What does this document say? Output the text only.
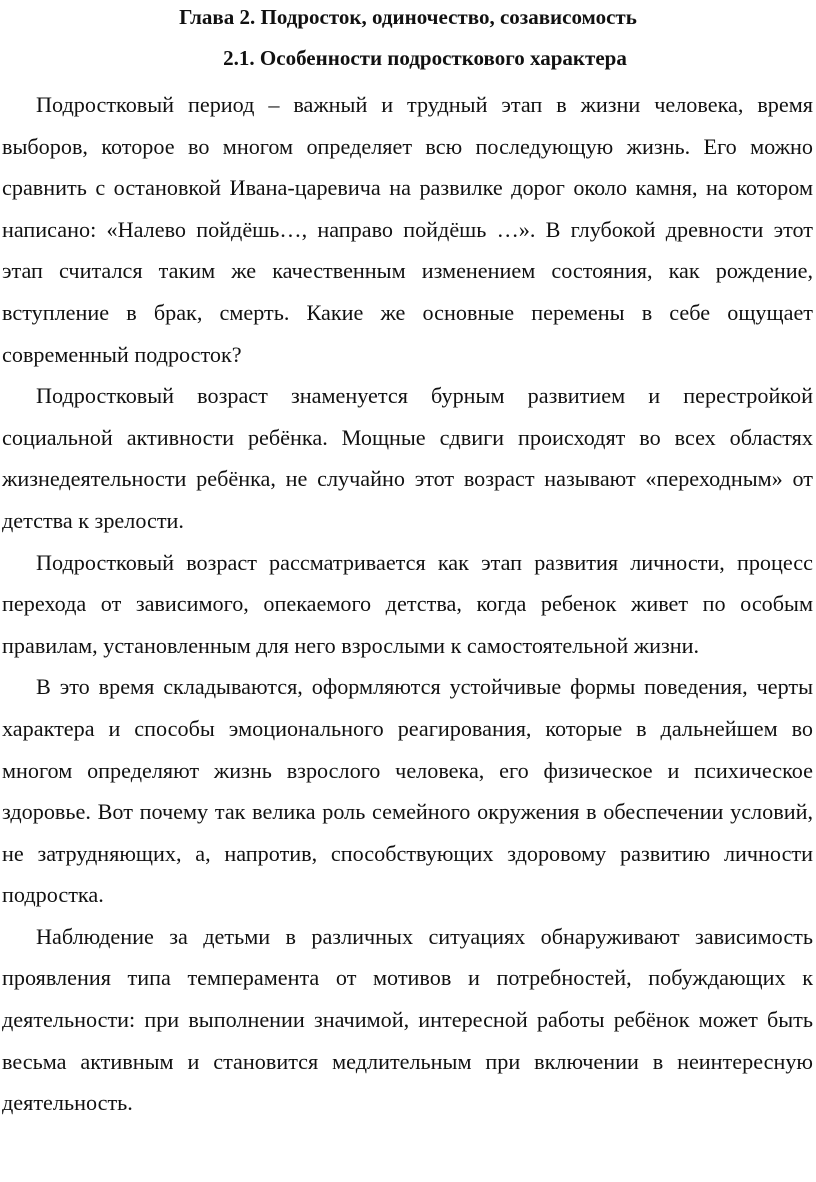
Глава 2. Подросток, одиночество, созависомость
2.1. Особенности подросткового характера

Подростковый период – важный и трудный этап в жизни человека, время выборов, которое во многом определяет всю последующую жизнь. Его можно сравнить с остановкой Ивана-царевича на развилке дорог около камня, на котором написано: «Налево пойдёшь…, направо пойдёшь …». В глубокой древности этот этап считался таким же качественным изменением состояния, как рождение, вступление в брак, смерть. Какие же основные перемены в себе ощущает современный подросток?

Подростковый возраст знаменуется бурным развитием и перестройкой социальной активности ребёнка. Мощные сдвиги происходят во всех областях жизнедеятельности ребёнка, не случайно этот возраст называют «переходным» от детства к зрелости.

Подростковый возраст рассматривается как этап развития личности, процесс перехода от зависимого, опекаемого детства, когда ребенок живет по особым правилам, установленным для него взрослыми к самостоятельной жизни.

В это время складываются, оформляются устойчивые формы поведения, черты характера и способы эмоционального реагирования, которые в дальнейшем во многом определяют жизнь взрослого человека, его физическое и психическое здоровье. Вот почему так велика роль семейного окружения в обеспечении условий, не затрудняющих, а, напротив, способствующих здоровому развитию личности подростка.

Наблюдение за детьми в различных ситуациях обнаруживают зависимость проявления типа темперамента от мотивов и потребностей, побуждающих к деятельности: при выполнении значимой, интересной работы ребёнок может быть весьма активным и становится медлительным при включении в неинтересную деятельность.
